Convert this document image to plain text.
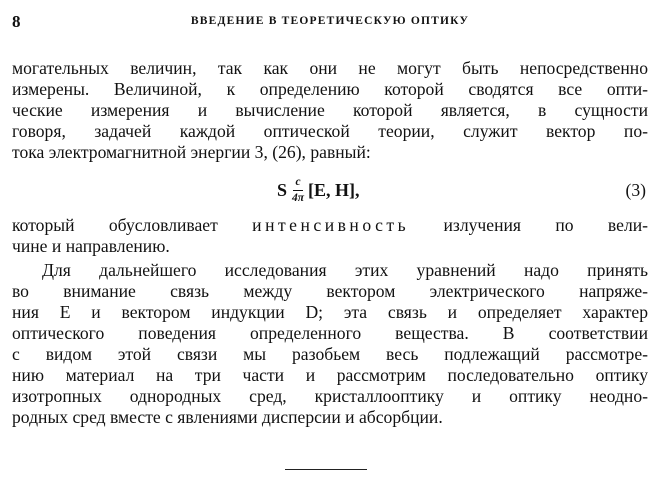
8	ВВЕДЕНИЕ В ТЕОРЕТИЧЕСКУЮ ОПТИКУ

могательных величин, так как они не могут быть непосредственно
измерены. Величиной, к определению которой сводятся все опти-
ческие измерения и вычисление которой является, в сущности
говоря, задачей каждой оптической теории, служит вектор по-
тока электромагнитной энергии 3, (26), равный:

S $\frac{c}{4\pi} [E$, H],	(3)

который обусловливает интенсивность излучения по вели-
чине и направлению.

Для дальнейшего исследования этих уравнений надо принять
во внимание связь между вектором электрического напряже-
ния E и вектором индукции D; эта связь и определяет характер
оптического поведения определенного вещества. В соответствии
с видом этой связи мы разобьем весь подлежащий рассмотре-
нию материал на три части и рассмотрим последовательно оптику
изотропных однородных сред, кристаллооптику и оптику неодно-
родных сред вместе с явлениями дисперсии и абсорбции.
